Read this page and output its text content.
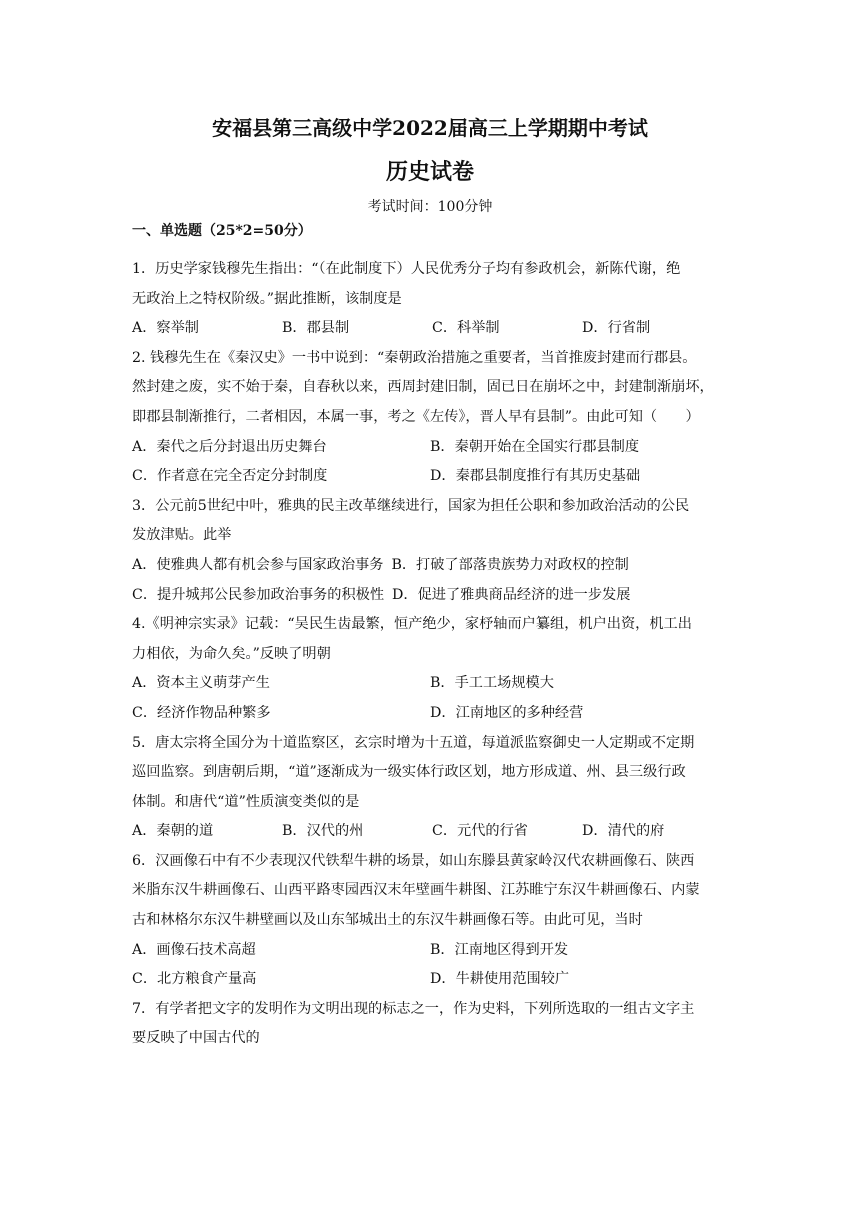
安福县第三高级中学2022届高三上学期期中考试
历史试卷
考试时间：100分钟
一、单选题（25*2=50分）
1．历史学家钱穆先生指出：“（在此制度下）人民优秀分子均有参政机会，新陈代谢，绝
无政治上之特权阶级。”据此推断，该制度是
A．察举制	B．郡县制	C．科举制	D．行省制
2. 钱穆先生在《秦汉史》一书中说到：“秦朝政治措施之重要者，当首推废封建而行郡县。
然封建之废，实不始于秦，自春秋以来，西周封建旧制，固已日在崩坏之中，封建制渐崩坏，
即郡县制渐推行，二者相因，本属一事，考之《左传》，晋人早有县制”。由此可知（　　）
A．秦代之后分封退出历史舞台	B．秦朝开始在全国实行郡县制度
C．作者意在完全否定分封制度	D．秦郡县制度推行有其历史基础
3．公元前5世纪中叶，雅典的民主改革继续进行，国家为担任公职和参加政治活动的公民
发放津贴。此举
A．使雅典人都有机会参与国家政治事务 B．打破了部落贵族势力对政权的控制
C．提升城邦公民参加政治事务的积极性 D．促进了雅典商品经济的进一步发展
4.《明神宗实录》记载：“吴民生齿最繁，恒产绝少，家杼轴而户纂组，机户出资，机工出
力相依，为命久矣。”反映了明朝
A．资本主义萌芽产生	B．手工工场规模大
C．经济作物品种繁多	D．江南地区的多种经营
5．唐太宗将全国分为十道监察区，玄宗时增为十五道，每道派监察御史一人定期或不定期
巡回监察。到唐朝后期，“道”逐渐成为一级实体行政区划，地方形成道、州、县三级行政
体制。和唐代“道”性质演变类似的是
A．秦朝的道	B．汉代的州	C．元代的行省	D．清代的府
6．汉画像石中有不少表现汉代铁犁牛耕的场景，如山东滕县黄家岭汉代农耕画像石、陕西
米脂东汉牛耕画像石、山西平路枣园西汉末年壁画牛耕图、江苏睢宁东汉牛耕画像石、内蒙
古和林格尔东汉牛耕壁画以及山东邹城出土的东汉牛耕画像石等。由此可见，当时
A．画像石技术高超	B．江南地区得到开发
C．北方粮食产量高	D．牛耕使用范围较广
7．有学者把文字的发明作为文明出现的标志之一，作为史料，下列所选取的一组古文字主
要反映了中国古代的
